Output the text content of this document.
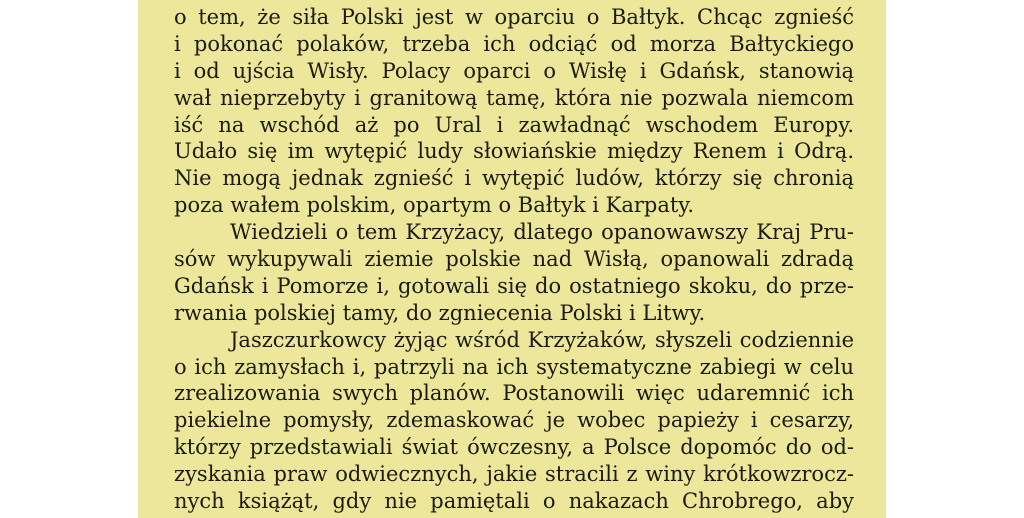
o tem, że siła Polski jest w oparciu o Bałtyk. Chcąc zgnieść
i pokonać polaków, trzeba ich odciąć od morza Bałtyckiego
i od ujścia Wisły. Polacy oparci o Wisłę i Gdańsk, stanowią
wał nieprzebyty i granitową tamę, która nie pozwala niemcom
iść na wschód aż po Ural i zawładnąć wschodem Europy.
Udało się im wytępić ludy słowiańskie między Renem i Odrą.
Nie mogą jednak zgnieść i wytępić ludów, którzy się chronią
poza wałem polskim, opartym o Bałtyk i Karpaty.
Wiedzieli o tem Krzyżacy, dlatego opanowawszy Kraj Pru-
sów wykupywali ziemie polskie nad Wisłą, opanowali zdradą
Gdańsk i Pomorze i, gotowali się do ostatniego skoku, do prze-
rwania polskiej tamy, do zgniecenia Polski i Litwy.
Jaszczurkowcy żyjąc wśród Krzyżaków, słyszeli codziennie
o ich zamysłach i, patrzyli na ich systematyczne zabiegi w celu
zrealizowania swych planów. Postanowili więc udaremnić ich
piekielne pomysły, zdemaskować je wobec papieży i cesarzy,
którzy przedstawiali świat ówczesny, a Polsce dopomóc do od-
zyskania praw odwiecznych, jakie stracili z winy krótkowzrocz-
nych książąt, gdy nie pamiętali o nakazach Chrobrego, aby
